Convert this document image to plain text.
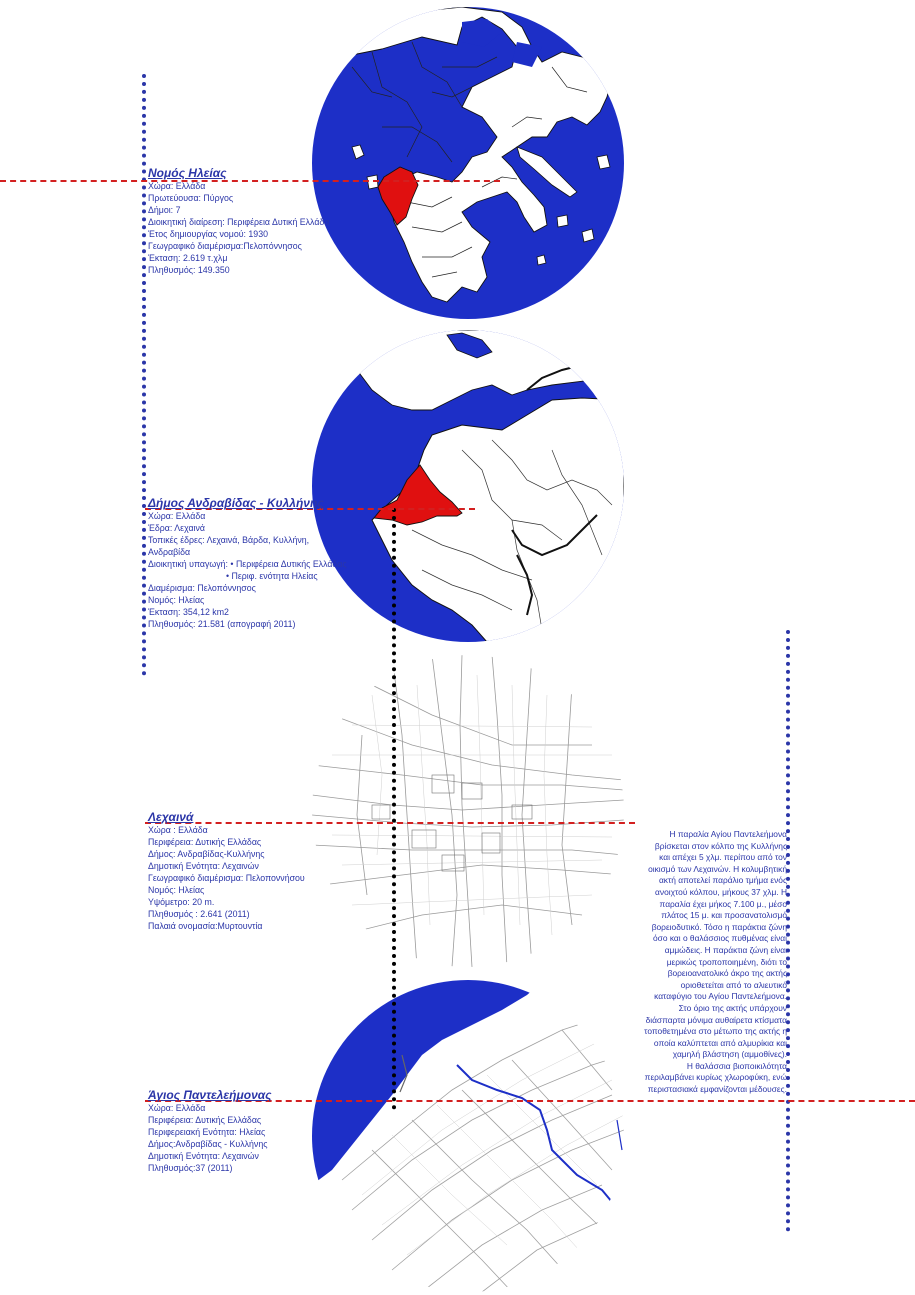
Νομός Ηλείας
Χώρα: Ελλάδα
Πρωτεύουσα: Πύργος
Δήμοι: 7
Διοικητική διαίρεση: Περιφέρεια Δυτική Ελλάδα
Έτος δημιουργίας νομού: 1930
Γεωγραφικό διαμέρισμα:Πελοπόννησος
Έκταση: 2.619 τ.χλμ
Πληθυσμός: 149.350
Δήμος Ανδραβίδας - Κυλλήνης
Χώρα: Ελλάδα
Έδρα: Λεχαινά
Τοπικές έδρες: Λεχαινά, Βάρδα, Κυλλήνη,
Ανδραβίδα
Διοικητική υπαγωγή: • Περιφέρεια Δυτικής Ελλάδας
• Περιφ. ενότητα Ηλείας
Διαμέρισμα: Πελοπόννησος
Νομός: Ηλείας
Έκταση: 354,12 km2
Πληθυσμός: 21.581 (απογραφή 2011)
Λεχαινά
Χώρα : Ελλάδα
Περιφέρεια: Δυτικής Ελλάδας
Δήμος: Ανδραβίδας-Κυλλήνης
Δημοτική Ενότητα: Λεχαινών
Γεωγραφικό διαμέρισμα: Πελοποννήσου
Νομός: Ηλείας
Υψόμετρο: 20 m.
Πληθυσμός : 2.641 (2011)
Παλαιά ονομασία:Μυρτουντία
Άγιος Παντελεήμονας
Χώρα: Ελλάδα
Περιφέρεια: Δυτικής Ελλάδας
Περιφερειακή Ενότητα: Ηλείας
Δήμος:Ανδραβίδας - Κυλλήνης
Δημοτική Ενότητα: Λεχαινών
Πληθυσμός:37 (2011)
Η παραλία Αγίου Παντελεήμονα
βρίσκεται στον κόλπο της Κυλλήνης
και απέχει 5 χλμ. περίπου από τον
οικισμό των Λεχαινών. Η κολυμβητική
ακτή αποτελεί παράλιο τμήμα ενός
ανοιχτού κόλπου, μήκους 37 χλμ. Η
παραλία έχει μήκος 7.100 μ., μέσο
πλάτος 15 μ. και προσανατολισμό
βορειοδυτικό. Τόσο η παράκτια ζώνη
όσο και ο θαλάσσιος πυθμένας είναι
αμμώδεις. Η παράκτια ζώνη είναι
μερικώς τροποποιημένη, διότι το
βορειοανατολικό άκρο της ακτής
οριοθετείται από το αλιευτικό
καταφύγιο του Αγίου Παντελεήμονα.
Στο όριο της ακτής υπάρχουν
διάσπαρτα μόνιμα αυθαίρετα κτίσματα
τοποθετημένα στο μέτωπο της ακτής η
οποία καλύπτεται από αλμυρίκια και
χαμηλή βλάστηση (αμμοθίνες).
Η θαλάσσια βιοποικιλότητα
περιλαμβάνει κυρίως χλωροφύκη, ενώ
περιστασιακά εμφανίζονται μέδουσες.
